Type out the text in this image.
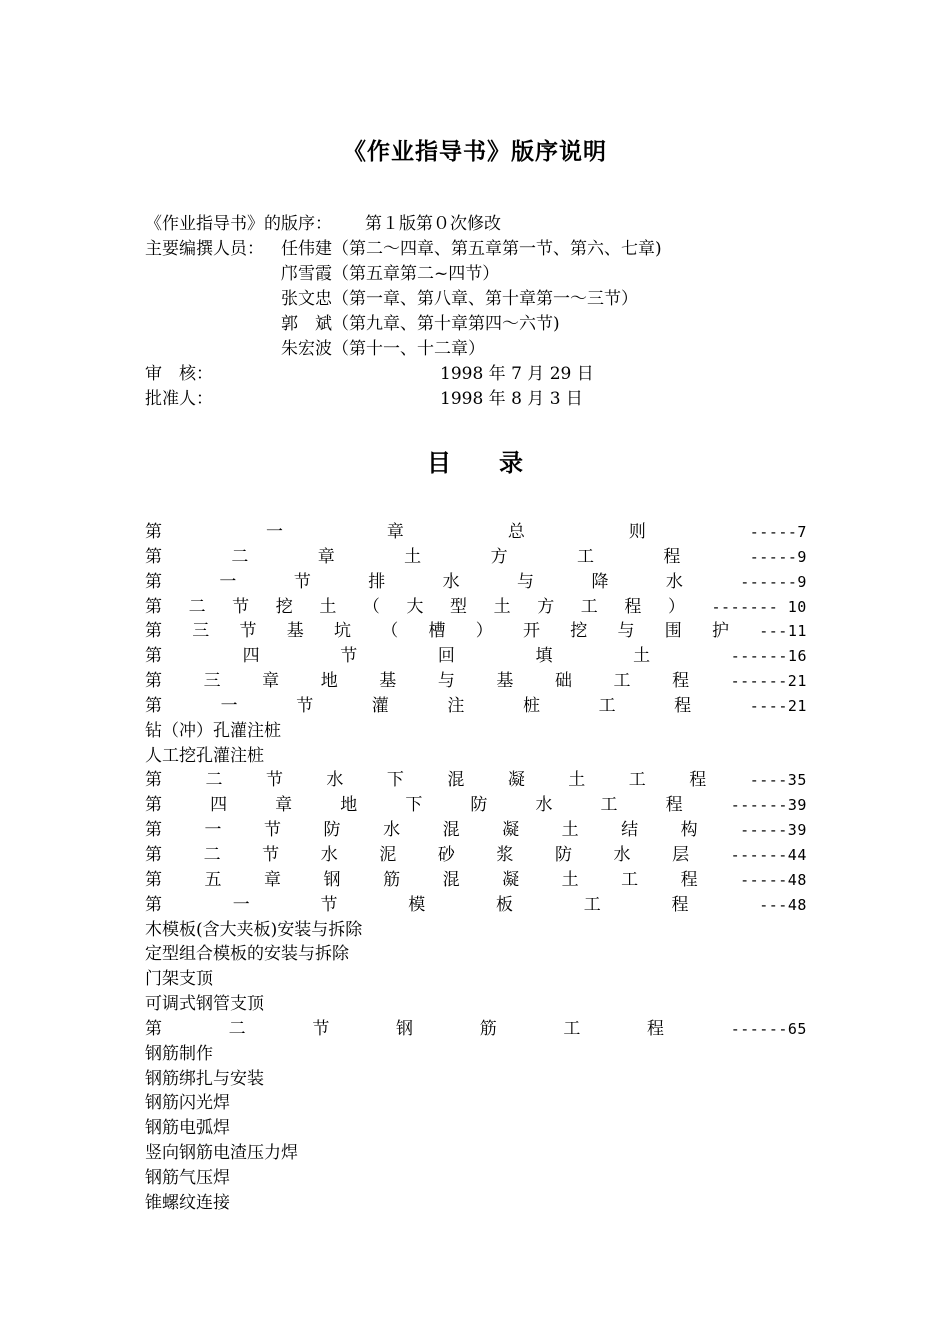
《作业指导书》版序说明
《作业指导书》的版序： 第１版第０次修改
主要编撰人员： 任伟建（第二～四章、第五章第一节、第六、七章)
邝雪霞（第五章第二~四节）
张文忠（第一章、第八章、第十章第一～三节）
郭　斌（第九章、第十章第四～六节)
朱宏波（第十一、十二章）
审　核：	1998 年 7 月 29 日
批准人：	1998 年 8 月 3 日
目 录
第	一	章	总	则	-----7
第	二	章	土	方	工	程	-----9
第	一	节	排	水	与	降	水	------9
第 二 节 挖 土 （ 大 型 土 方 工 程 ） ------- 10
第 三 节 基 坑 （ 槽 ） 开 挖 与 围 护 ---11
第	四	节	回	填	土	------16
第 三 章 地 基 与 基 础 工 程	------21
第	一	节	灌	注	桩	工	程	----21
钻（冲）孔灌注桩
人工挖孔灌注桩
第	二	节	水	下	混	凝	土	工	程	----35
第	四	章	地	下	防	水	工	程	------39
第	一	节	防	水	混	凝	土	结	构	-----39
第 二 节 水 泥 砂 浆 防 水 层	------44
第	五	章	钢	筋	混	凝	土	工	程	-----48
第	一	节	模	板	工	程	---48
木模板(含大夹板)安装与拆除
定型组合模板的安装与拆除
门架支顶
可调式钢管支顶
第	二	节	钢	筋	工	程	------65
钢筋制作
钢筋绑扎与安装
钢筋闪光焊
钢筋电弧焊
竖向钢筋电渣压力焊
钢筋气压焊
锥螺纹连接
